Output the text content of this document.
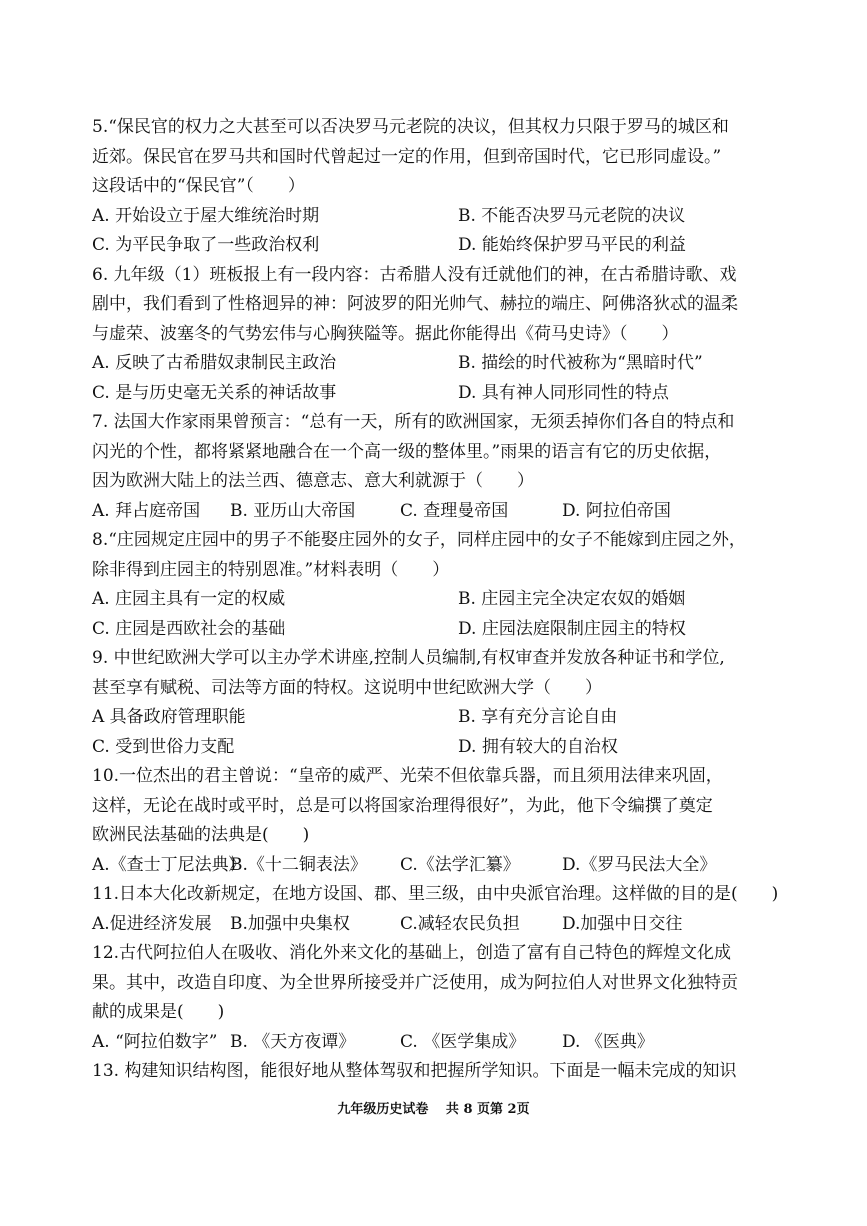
5.“保民官的权力之大甚至可以否决罗马元老院的决议，但其权力只限于罗马的城区和

近郊。保民官在罗马共和国时代曾起过一定的作用，但到帝国时代，它已形同虚设。”

这段话中的“保民官”（　　）

A. 开始设立于屋大维统治时期	B. 不能否决罗马元老院的决议
C. 为平民争取了一些政治权利	D. 能始终保护罗马平民的利益

6. 九年级（1）班板报上有一段内容：古希腊人没有迁就他们的神，在古希腊诗歌、戏

剧中，我们看到了性格迥异的神：阿波罗的阳光帅气、赫拉的端庄、阿佛洛狄忒的温柔

与虚荣、波塞冬的气势宏伟与心胸狭隘等。据此你能得出《荷马史诗》（　　）

A. 反映了古希腊奴隶制民主政治	B. 描绘的时代被称为“黑暗时代”
C. 是与历史毫无关系的神话故事	D. 具有神人同形同性的特点

7. 法国大作家雨果曾预言：“总有一天，所有的欧洲国家，无须丢掉你们各自的特点和

闪光的个性，都将紧紧地融合在一个高一级的整体里。”雨果的语言有它的历史依据，

因为欧洲大陆上的法兰西、德意志、意大利就源于（　　）

A. 拜占庭帝国 B. 亚历山大帝国	C. 查理曼帝国	D. 阿拉伯帝国

8.“庄园规定庄园中的男子不能娶庄园外的女子，同样庄园中的女子不能嫁到庄园之外，

除非得到庄园主的特别恩准。”材料表明（　　）

A. 庄园主具有一定的权威	B. 庄园主完全决定农奴的婚姻
C. 庄园是西欧社会的基础	D. 庄园法庭限制庄园主的特权

9. 中世纪欧洲大学可以主办学术讲座,控制人员编制,有权审查并发放各种证书和学位,

甚至享有赋税、司法等方面的特权。这说明中世纪欧洲大学（　　）

A 具备政府管理职能	B. 享有充分言论自由
C. 受到世俗力支配	D. 拥有较大的自治权

10.一位杰出的君主曾说：“皇帝的威严、光荣不但依靠兵器，而且须用法律来巩固，

这样，无论在战时或平时，总是可以将国家治理得很好”，为此，他下令编撰了奠定

欧洲民法基础的法典是(　　)

A.《查士丁尼法典》
B.《十二铜表法》 C.《法学汇纂》 D.《罗马民法大全》

11.日本大化改新规定，在地方设国、郡、里三级，由中央派官治理。这样做的目的是(　　)

A.促进经济发展 B.加强中央集权	C.减轻农民负担 D.加强中日交往

12.古代阿拉伯人在吸收、消化外来文化的基础上，创造了富有自己特色的辉煌文化成

果。其中，改造自印度、为全世界所接受并广泛使用，成为阿拉伯人对世界文化独特贡

献的成果是(　　)

A. “阿拉伯数字” B. 《天方夜谭》	C. 《医学集成》 D. 《医典》

13. 构建知识结构图，能很好地从整体驾驭和把握所学知识。下面是一幅未完成的知识

九年级历史试卷　 共 8 页第 2页
